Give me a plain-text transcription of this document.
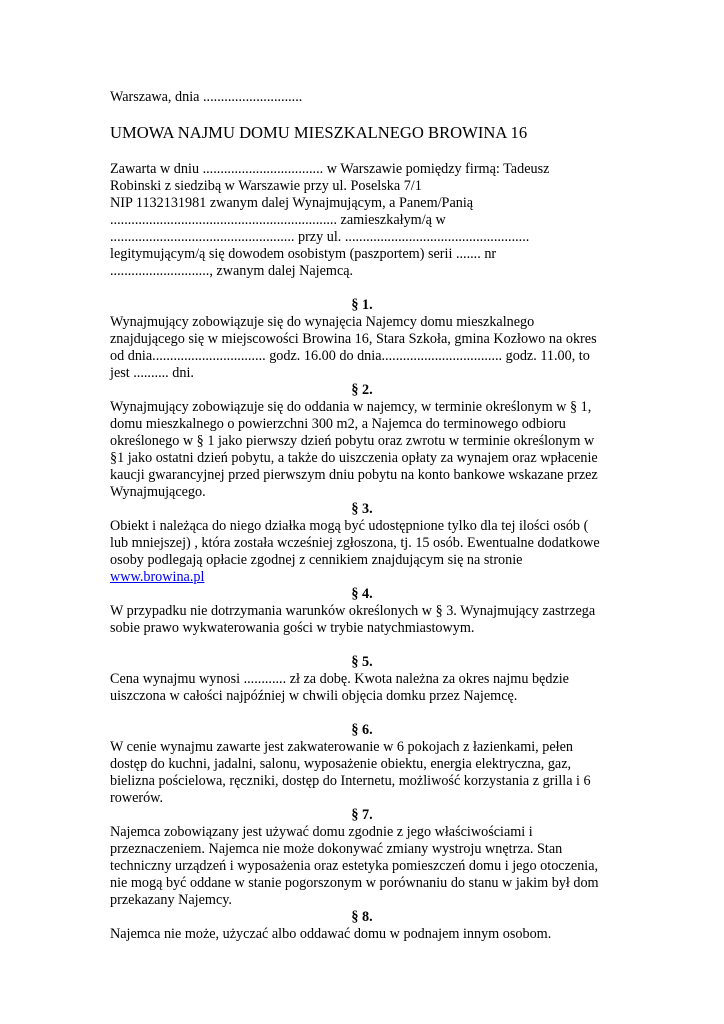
Warszawa, dnia ............................
UMOWA NAJMU DOMU MIESZKALNEGO BROWINA 16
Zawarta w dniu .................................. w Warszawie pomiędzy firmą: Tadeusz
Robinski z siedzibą w Warszawie przy ul. Poselska 7/1
NIP 1132131981 zwanym dalej Wynajmującym, a Panem/Panią
................................................................ zamieszkałym/ą w
.................................................... przy ul. ....................................................
legitymującym/ą się dowodem osobistym (paszportem) serii ....... nr
............................, zwanym dalej Najemcą.
§ 1.
Wynajmujący zobowiązuje się do wynajęcia Najemcy domu mieszkalnego
znajdującego się w miejscowości Browina 16, Stara Szkoła, gmina Kozłowo na okres
od dnia................................ godz. 16.00 do dnia.................................. godz. 11.00, to
jest .......... dni.
§ 2.
Wynajmujący zobowiązuje się do oddania w najemcy, w terminie określonym w § 1,
domu mieszkalnego o powierzchni 300 m2, a Najemca do terminowego odbioru
określonego w § 1 jako pierwszy dzień pobytu oraz zwrotu w terminie określonym w
§1 jako ostatni dzień pobytu, a także do uiszczenia opłaty za wynajem oraz wpłacenie
kaucji gwarancyjnej przed pierwszym dniu pobytu na konto bankowe wskazane przez
Wynajmującego.
§ 3.
Obiekt i należąca do niego działka mogą być udostępnione tylko dla tej ilości osób (
lub mniejszej) , która została wcześniej zgłoszona, tj. 15 osób. Ewentualne dodatkowe
osoby podlegają opłacie zgodnej z cennikiem znajdującym się na stronie
www.browina.pl
§ 4.
W przypadku nie dotrzymania warunków określonych w § 3. Wynajmujący zastrzega
sobie prawo wykwaterowania gości w trybie natychmiastowym.
§ 5.
Cena wynajmu wynosi ............ zł za dobę. Kwota należna za okres najmu będzie
uiszczona w całości najpóźniej w chwili objęcia domku przez Najemcę.
§ 6.
W cenie wynajmu zawarte jest zakwaterowanie w 6 pokojach z łazienkami, pełen
dostęp do kuchni, jadalni, salonu, wyposażenie obiektu, energia elektryczna, gaz,
bielizna pościelowa, ręczniki, dostęp do Internetu, możliwość korzystania z grilla i 6
rowerów.
§ 7.
Najemca zobowiązany jest używać domu zgodnie z jego właściwościami i
przeznaczeniem. Najemca nie może dokonywać zmiany wystroju wnętrza. Stan
techniczny urządzeń i wyposażenia oraz estetyka pomieszczeń domu i jego otoczenia,
nie mogą być oddane w stanie pogorszonym w porównaniu do stanu w jakim był dom
przekazany Najemcy.
§ 8.
Najemca nie może, użyczać albo oddawać domu w podnajem innym osobom.
